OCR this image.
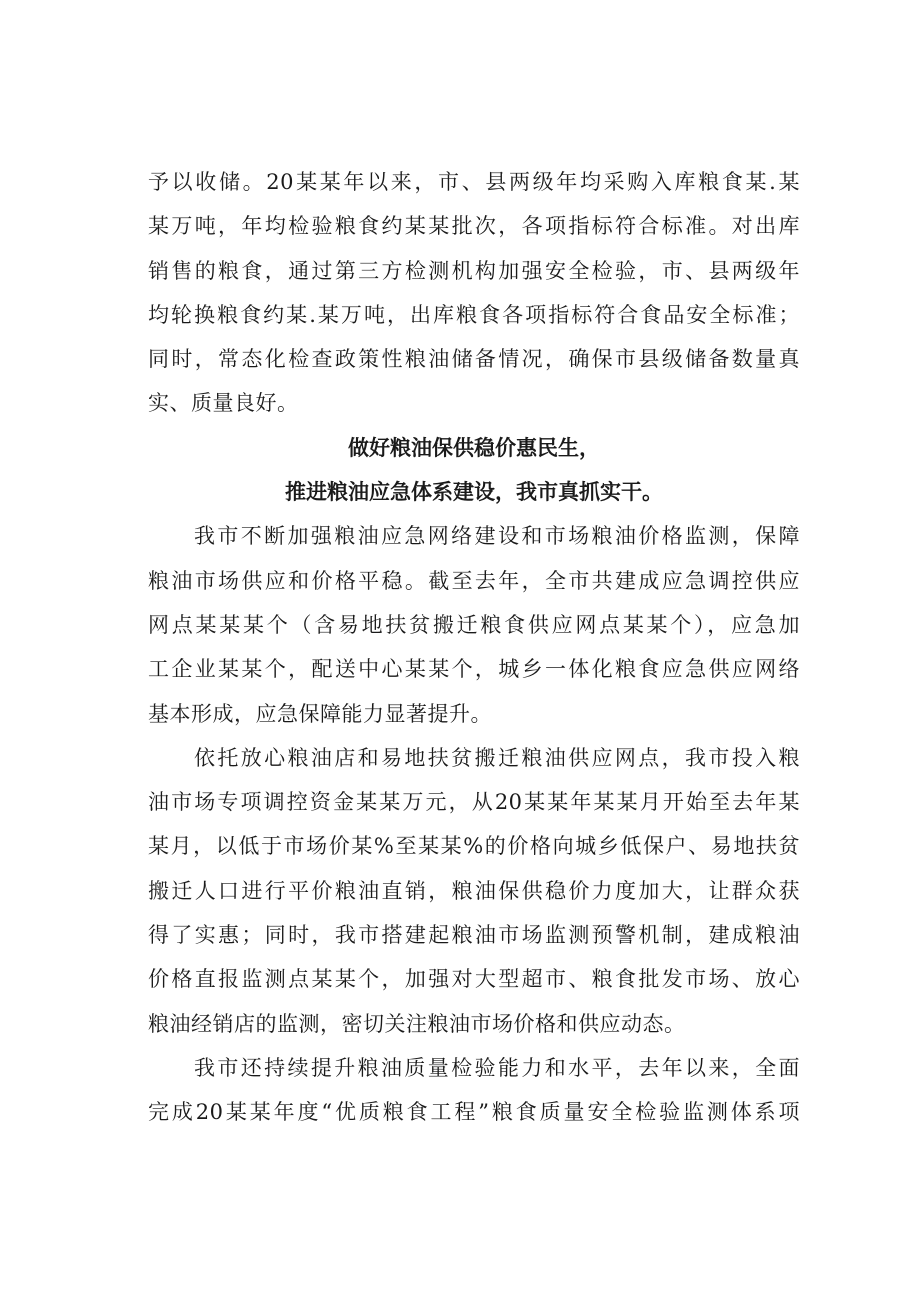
予以收储。20某某年以来，市、县两级年均采购入库粮食某.某
某万吨，年均检验粮食约某某批次，各项指标符合标准。对出库
销售的粮食，通过第三方检测机构加强安全检验，市、县两级年
均轮换粮食约某.某万吨，出库粮食各项指标符合食品安全标准；
同时，常态化检查政策性粮油储备情况，确保市县级储备数量真
实、质量良好。
做好粮油保供稳价惠民生，
推进粮油应急体系建设，我市真抓实干。
我市不断加强粮油应急网络建设和市场粮油价格监测，保障
粮油市场供应和价格平稳。截至去年，全市共建成应急调控供应
网点某某某个（含易地扶贫搬迁粮食供应网点某某个），应急加
工企业某某个，配送中心某某个，城乡一体化粮食应急供应网络
基本形成，应急保障能力显著提升。
依托放心粮油店和易地扶贫搬迁粮油供应网点，我市投入粮
油市场专项调控资金某某万元，从20某某年某某月开始至去年某
某月，以低于市场价某%至某某%的价格向城乡低保户、易地扶贫
搬迁人口进行平价粮油直销，粮油保供稳价力度加大，让群众获
得了实惠；同时，我市搭建起粮油市场监测预警机制，建成粮油
价格直报监测点某某个，加强对大型超市、粮食批发市场、放心
粮油经销店的监测，密切关注粮油市场价格和供应动态。
我市还持续提升粮油质量检验能力和水平，去年以来，全面
完成20某某年度“优质粮食工程”粮食质量安全检验监测体系项
